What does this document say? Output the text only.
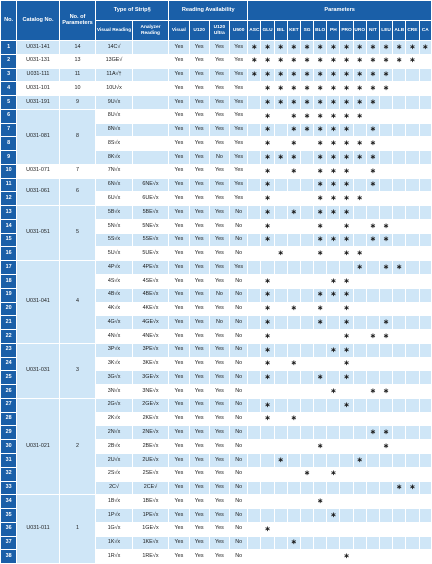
No.	Catalog No.	No. of Parameters	Type of Strip§		Reading Availability				Parameters													
			Visual Reading	Analyzer Reading	Visual	U120	U120 Ultra	U500	ASC	GLU	BIL	KET	SG	BLO	PH	PRO	URO	NIT	LEU	ALB	CRE	CA
1	U031-141	14	14C√		Yes	Yes	Yes	Yes	∗	∗	∗	∗	∗	∗	∗	∗	∗	∗	∗	∗	∗	∗
2	U031-131	13	13GE√		Yes	Yes	Yes	Yes	∗	∗	∗	∗	∗	∗	∗	∗	∗	∗	∗	∗	∗	
3	U031-111	11	11A√†		Yes	Yes	Yes	Yes	∗	∗	∗	∗	∗	∗	∗	∗	∗	∗	∗			
4	U031-101	10	10U√x		Yes	Yes	Yes	Yes		∗	∗	∗	∗	∗	∗	∗	∗	∗	∗			
5	U031-191	9	9U√x		Yes	Yes	Yes	Yes		∗	∗	∗	∗	∗	∗	∗	∗	∗				
6	U031-081	8	8U√x		Yes	Yes	Yes	Yes		∗		∗	∗	∗	∗	∗	∗					
7			8N√x		Yes	Yes	Yes	Yes		∗		∗	∗	∗	∗	∗		∗				
8			8S√x		Yes	Yes	Yes	Yes		∗		∗		∗	∗	∗	∗	∗				
9			8K√x		Yes	Yes	No	Yes		∗	∗	∗		∗	∗	∗	∗	∗				
10	U031-071	7	7N√x		Yes	Yes	Yes	Yes		∗		∗		∗	∗	∗		∗				
11	U031-061	6	6N√x	6NE√x	Yes	Yes	Yes	Yes		∗				∗	∗	∗		∗				
12			6U√x	6UE√x	Yes	Yes	Yes	Yes		∗				∗	∗	∗	∗					
13	U031-051	5	5B√x	5BE√x	Yes	Yes	Yes	No		∗		∗		∗	∗	∗						
14			5N√x	5NE√x	Yes	Yes	Yes	No		∗				∗		∗		∗	∗			
15			5S√x	5SE√x	Yes	Yes	Yes	No		∗				∗	∗	∗		∗	∗			
16			5U√x	5UE√x	Yes	Yes	Yes	No			∗			∗		∗	∗					
17	U031-041	4	4P√x	4PE√x	Yes	Yes	Yes	Yes									∗		∗	∗		
18			4S√x	4SE√x	Yes	Yes	Yes	No		∗					∗	∗						
19			4B√x	4BE√x	Yes	Yes	No	No		∗				∗	∗	∗						
20			4K√x	4KE√x	Yes	Yes	Yes	No		∗		∗		∗		∗						
21			4G√x	4GE√x	Yes	Yes	No	No		∗				∗		∗			∗			
22			4N√x	4NE√x	Yes	Yes	Yes	No		∗						∗		∗	∗			
23	U031-031	3	3P√x	3PE√x	Yes	Yes	Yes	No		∗					∗	∗						
24			3K√x	3KE√x	Yes	Yes	Yes	No		∗		∗				∗						
25			3G√x	3GE√x	Yes	Yes	Yes	No		∗				∗		∗						
26			3N√x	3NE√x	Yes	Yes	Yes	No							∗			∗	∗			
27	U031-021	2	2G√x	2GE√x	Yes	Yes	Yes	No		∗						∗						
28			2K√x	2KE√x	Yes	Yes	Yes	No		∗		∗										
29			2N√x	2NE√x	Yes	Yes	Yes	No										∗	∗			
30			2B√x	2BE√x	Yes	Yes	Yes	No						∗					∗			
31			2U√x	2UE√x	Yes	Yes	Yes	No			∗						∗					
32			2S√x	2SE√x	Yes	Yes	Yes	No					∗		∗							
33			2C√	2CE√	Yes	Yes	Yes	No												∗	∗	
34	U031-011	1	1B√x	1BE√x	Yes	Yes	Yes	No						∗								
35			1P√x	1PE√x	Yes	Yes	Yes	No							∗							
36			1G√x	1GE√x	Yes	Yes	Yes	No		∗												
37			1K√x	1KE√x	Yes	Yes	Yes	No				∗										
38			1R√x	1RE√x	Yes	Yes	Yes	No								∗						
